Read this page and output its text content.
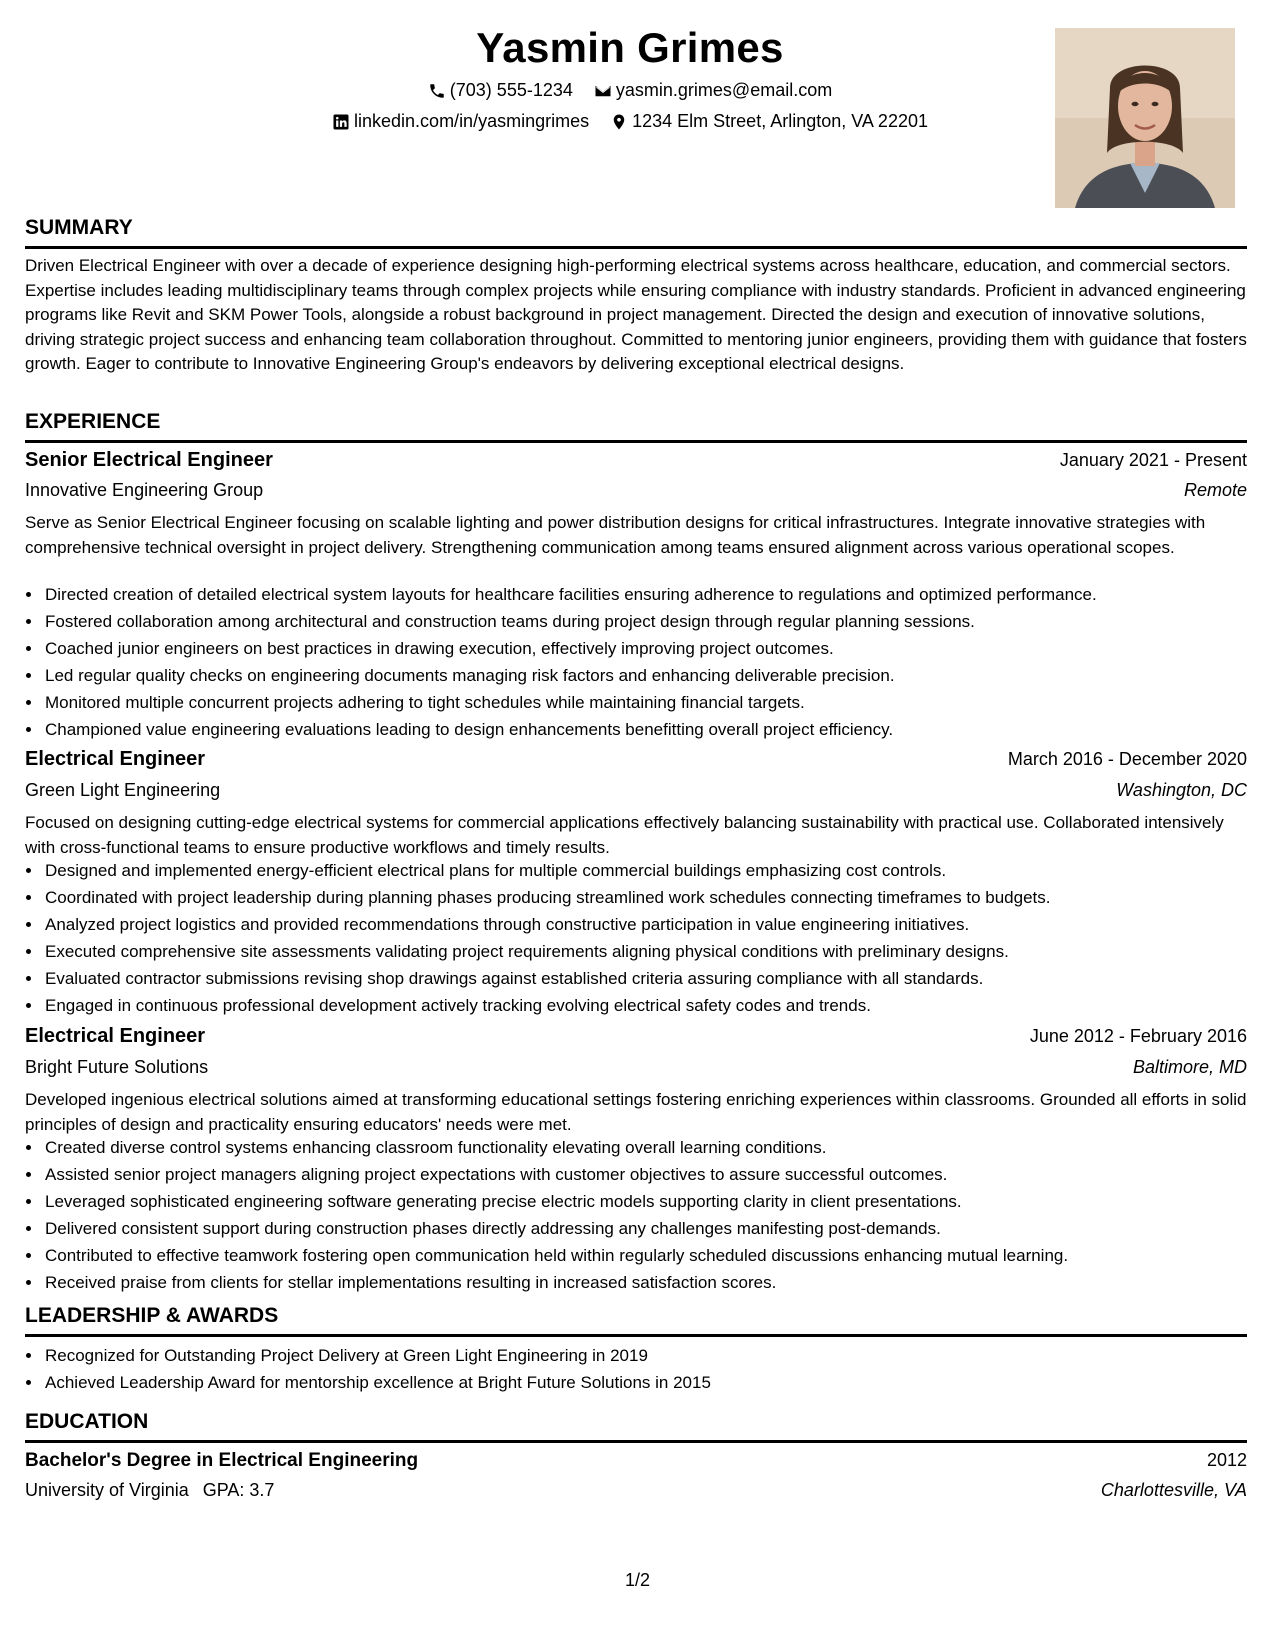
Yasmin Grimes
(703) 555-1234
yasmin.grimes@email.com
linkedin.com/in/yasmingrimes
1234 Elm Street, Arlington, VA 22201
SUMMARY
Driven Electrical Engineer with over a decade of experience designing high-performing electrical systems across healthcare, education, and commercial sectors. Expertise includes leading multidisciplinary teams through complex projects while ensuring compliance with industry standards. Proficient in advanced engineering programs like Revit and SKM Power Tools, alongside a robust background in project management. Directed the design and execution of innovative solutions, driving strategic project success and enhancing team collaboration throughout. Committed to mentoring junior engineers, providing them with guidance that fosters growth. Eager to contribute to Innovative Engineering Group's endeavors by delivering exceptional electrical designs.
EXPERIENCE
Senior Electrical Engineer	January 2021 - Present
Innovative Engineering Group	Remote
Serve as Senior Electrical Engineer focusing on scalable lighting and power distribution designs for critical infrastructures. Integrate innovative strategies with comprehensive technical oversight in project delivery. Strengthening communication among teams ensured alignment across various operational scopes.
• Directed creation of detailed electrical system layouts for healthcare facilities ensuring adherence to regulations and optimized performance.
• Fostered collaboration among architectural and construction teams during project design through regular planning sessions.
• Coached junior engineers on best practices in drawing execution, effectively improving project outcomes.
• Led regular quality checks on engineering documents managing risk factors and enhancing deliverable precision.
• Monitored multiple concurrent projects adhering to tight schedules while maintaining financial targets.
• Championed value engineering evaluations leading to design enhancements benefitting overall project efficiency.
Electrical Engineer	March 2016 - December 2020
Green Light Engineering	Washington, DC
Focused on designing cutting-edge electrical systems for commercial applications effectively balancing sustainability with practical use. Collaborated intensively with cross-functional teams to ensure productive workflows and timely results.
• Designed and implemented energy-efficient electrical plans for multiple commercial buildings emphasizing cost controls.
• Coordinated with project leadership during planning phases producing streamlined work schedules connecting timeframes to budgets.
• Analyzed project logistics and provided recommendations through constructive participation in value engineering initiatives.
• Executed comprehensive site assessments validating project requirements aligning physical conditions with preliminary designs.
• Evaluated contractor submissions revising shop drawings against established criteria assuring compliance with all standards.
• Engaged in continuous professional development actively tracking evolving electrical safety codes and trends.
Electrical Engineer	June 2012 - February 2016
Bright Future Solutions	Baltimore, MD
Developed ingenious electrical solutions aimed at transforming educational settings fostering enriching experiences within classrooms. Grounded all efforts in solid principles of design and practicality ensuring educators' needs were met.
• Created diverse control systems enhancing classroom functionality elevating overall learning conditions.
• Assisted senior project managers aligning project expectations with customer objectives to assure successful outcomes.
• Leveraged sophisticated engineering software generating precise electric models supporting clarity in client presentations.
• Delivered consistent support during construction phases directly addressing any challenges manifesting post-demands.
• Contributed to effective teamwork fostering open communication held within regularly scheduled discussions enhancing mutual learning.
• Received praise from clients for stellar implementations resulting in increased satisfaction scores.
LEADERSHIP & AWARDS
• Recognized for Outstanding Project Delivery at Green Light Engineering in 2019
• Achieved Leadership Award for mentorship excellence at Bright Future Solutions in 2015
EDUCATION
Bachelor's Degree in Electrical Engineering	2012
University of Virginia GPA: 3.7	Charlottesville, VA
1/2
